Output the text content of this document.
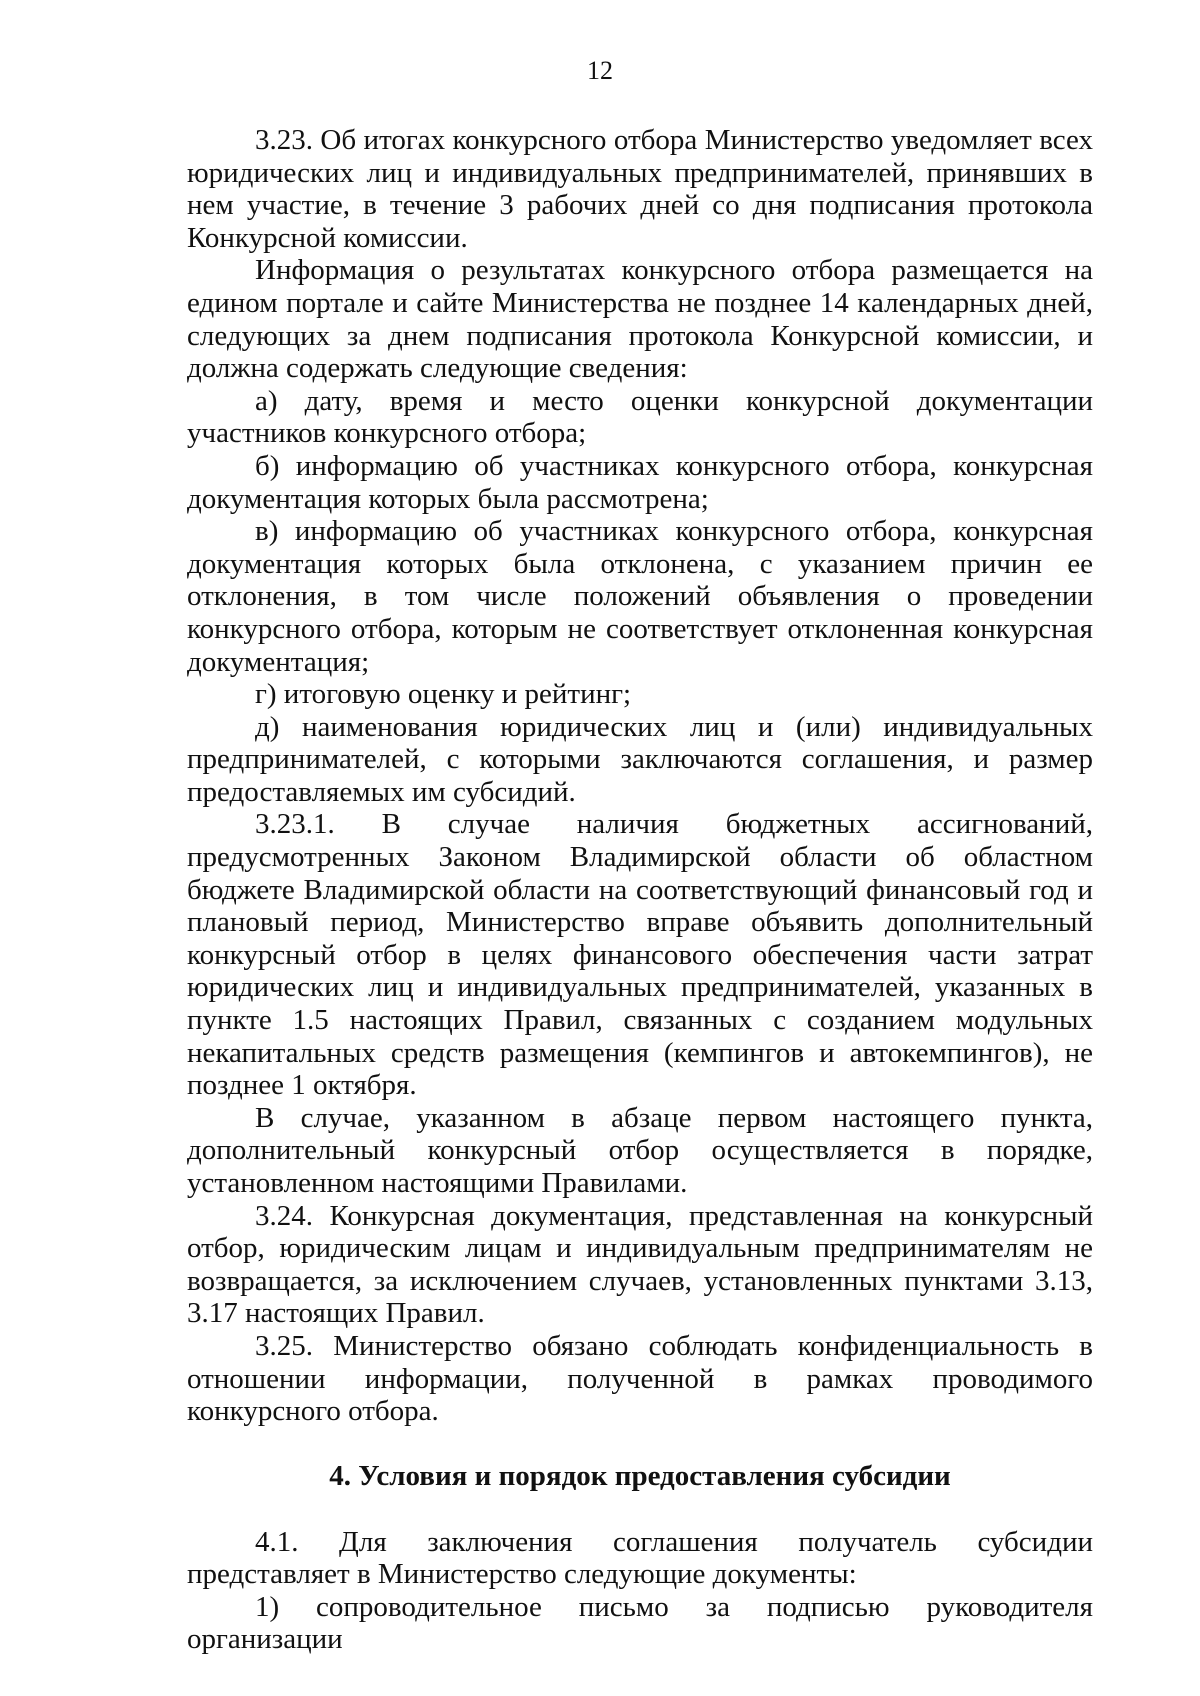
12

3.23. Об итогах конкурсного отбора Министерство уведомляет всех юридических лиц и индивидуальных предпринимателей, принявших в нем участие, в течение 3 рабочих дней со дня подписания протокола Конкурсной комиссии.

Информация о результатах конкурсного отбора размещается на едином портале и сайте Министерства не позднее 14 календарных дней, следующих за днем подписания протокола Конкурсной комиссии, и должна содержать следующие сведения:

а) дату, время и место оценки конкурсной документации участников конкурсного отбора;

б) информацию об участниках конкурсного отбора, конкурсная документация которых была рассмотрена;

в) информацию об участниках конкурсного отбора, конкурсная документация которых была отклонена, с указанием причин ее отклонения, в том числе положений объявления о проведении конкурсного отбора, которым не соответствует отклоненная конкурсная документация;

г) итоговую оценку и рейтинг;

д) наименования юридических лиц и (или) индивидуальных предпринимателей, с которыми заключаются соглашения, и размер предоставляемых им субсидий.

3.23.1. В случае наличия бюджетных ассигнований, предусмотренных Законом Владимирской области об областном бюджете Владимирской области на соответствующий финансовый год и плановый период, Министерство вправе объявить дополнительный конкурсный отбор в целях финансового обеспечения части затрат юридических лиц и индивидуальных предпринимателей, указанных в пункте 1.5 настоящих Правил, связанных с созданием модульных некапитальных средств размещения (кемпингов и автокемпингов), не позднее 1 октября.

В случае, указанном в абзаце первом настоящего пункта, дополнительный конкурсный отбор осуществляется в порядке, установленном настоящими Правилами.

3.24. Конкурсная документация, представленная на конкурсный отбор, юридическим лицам и индивидуальным предпринимателям не возвращается, за исключением случаев, установленных пунктами 3.13, 3.17 настоящих Правил.

3.25. Министерство обязано соблюдать конфиденциальность в отношении информации, полученной в рамках проводимого конкурсного отбора.

4. Условия и порядок предоставления субсидии

4.1. Для заключения соглашения получатель субсидии представляет в Министерство следующие документы:

1) сопроводительное письмо за подписью руководителя организации
